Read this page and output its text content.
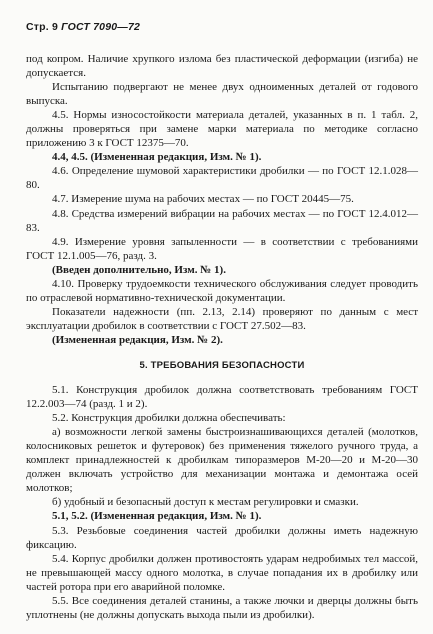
Стр. 9 ГОСТ 7090—72

под копром. Наличие хрупкого излома без пластической деформации (изгиба) не допускается.

Испытанию подвергают не менее двух одноименных деталей от годового выпуска.

4.5. Нормы износостойкости материала деталей, указанных в п. 1 табл. 2, должны проверяться при замене марки материала по методике согласно приложению 3 к ГОСТ 12375—70.

4.4, 4.5. (Измененная редакция, Изм. № 1).

4.6. Определение шумовой характеристики дробилки — по ГОСТ 12.1.028—80.

4.7. Измерение шума на рабочих местах — по ГОСТ 20445—75.

4.8. Средства измерений вибрации на рабочих местах — по ГОСТ 12.4.012—83.

4.9. Измерение уровня запыленности — в соответствии с требованиями ГОСТ 12.1.005—76, разд. 3.

(Введен дополнительно, Изм. № 1).

4.10. Проверку трудоемкости технического обслуживания следует проводить по отраслевой нормативно-технической документации.

Показатели надежности (пп. 2.13, 2.14) проверяют по данным с мест эксплуатации дробилок в соответствии с ГОСТ 27.502—83.

(Измененная редакция, Изм. № 2).

5. ТРЕБОВАНИЯ БЕЗОПАСНОСТИ

5.1. Конструкция дробилок должна соответствовать требованиям ГОСТ 12.2.003—74 (разд. 1 и 2).

5.2. Конструкция дробилки должна обеспечивать:

а) возможности легкой замены быстроизнашивающихся деталей (молотков, колосниковых решеток и футеровок) без применения тяжелого ручного труда, а комплект принадлежностей к дробилкам типоразмеров М-20—20 и М-20—30 должен включать устройство для механизации монтажа и демонтажа осей молотков;

б) удобный и безопасный доступ к местам регулировки и смазки.

5.1, 5.2. (Измененная редакция, Изм. № 1).

5.3. Резьбовые соединения частей дробилки должны иметь надежную фиксацию.

5.4. Корпус дробилки должен противостоять ударам недробимых тел массой, не превышающей массу одного молотка, в случае попадания их в дробилку или частей ротора при его аварийной поломке.

5.5. Все соединения деталей станины, а также лючки и дверцы должны быть уплотнены (не должны допускать выхода пыли из дробилки).
